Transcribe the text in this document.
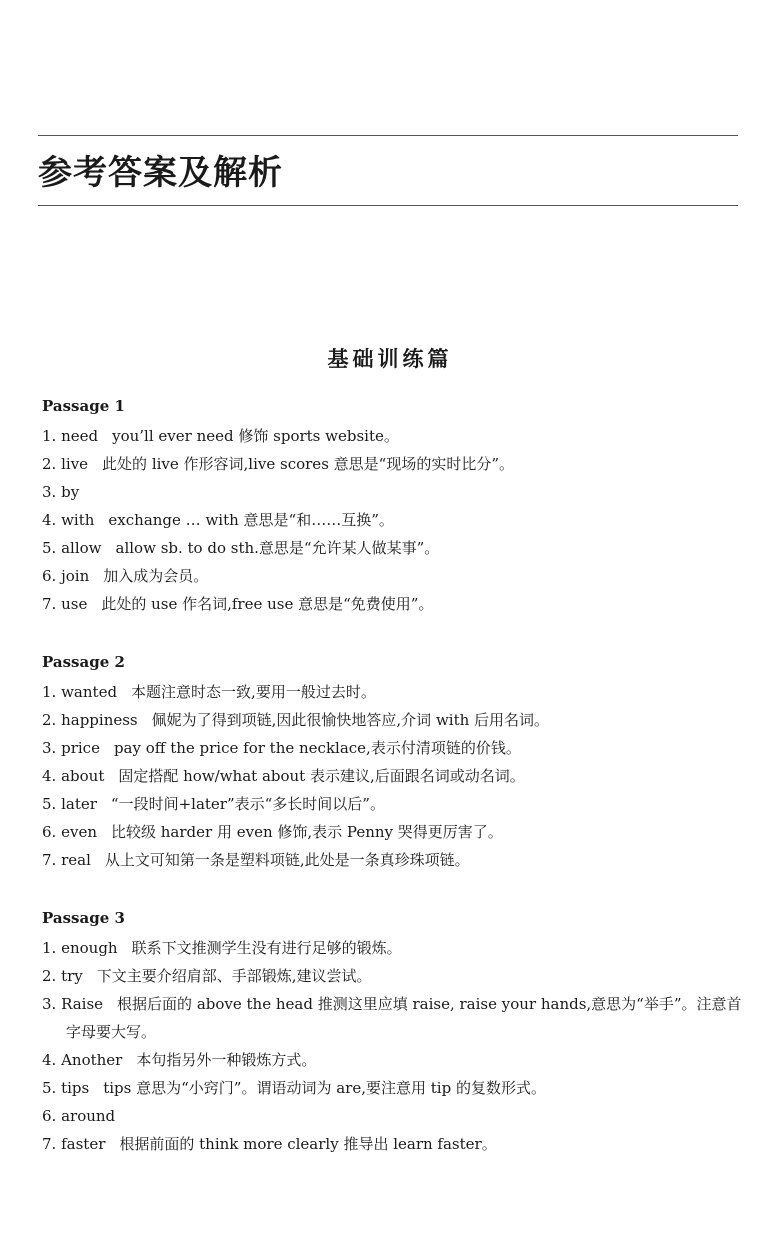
参考答案及解析
基础训练篇
Passage 1
1. need you’ll ever need 修饰 sports website。
2. live 此处的 live 作形容词,live scores 意思是“现场的实时比分”。
3. by
4. with exchange … with 意思是“和……互换”。
5. allow allow sb. to do sth.意思是“允许某人做某事”。
6. join 加入成为会员。
7. use 此处的 use 作名词,free use 意思是“免费使用”。
Passage 2
1. wanted 本题注意时态一致,要用一般过去时。
2. happiness 佩妮为了得到项链,因此很愉快地答应,介词 with 后用名词。
3. price pay off the price for the necklace,表示付清项链的价钱。
4. about 固定搭配 how/what about 表示建议,后面跟名词或动名词。
5. later “一段时间+later”表示“多长时间以后”。
6. even 比较级 harder 用 even 修饰,表示 Penny 哭得更厉害了。
7. real 从上文可知第一条是塑料项链,此处是一条真珍珠项链。
Passage 3
1. enough 联系下文推测学生没有进行足够的锻炼。
2. try 下文主要介绍肩部、手部锻炼,建议尝试。
3. Raise 根据后面的 above the head 推测这里应填 raise, raise your hands,意思为“举手”。注意首字母要大写。
4. Another 本句指另外一种锻炼方式。
5. tips tips 意思为“小窍门”。谓语动词为 are,要注意用 tip 的复数形式。
6. around
7. faster 根据前面的 think more clearly 推导出 learn faster。
